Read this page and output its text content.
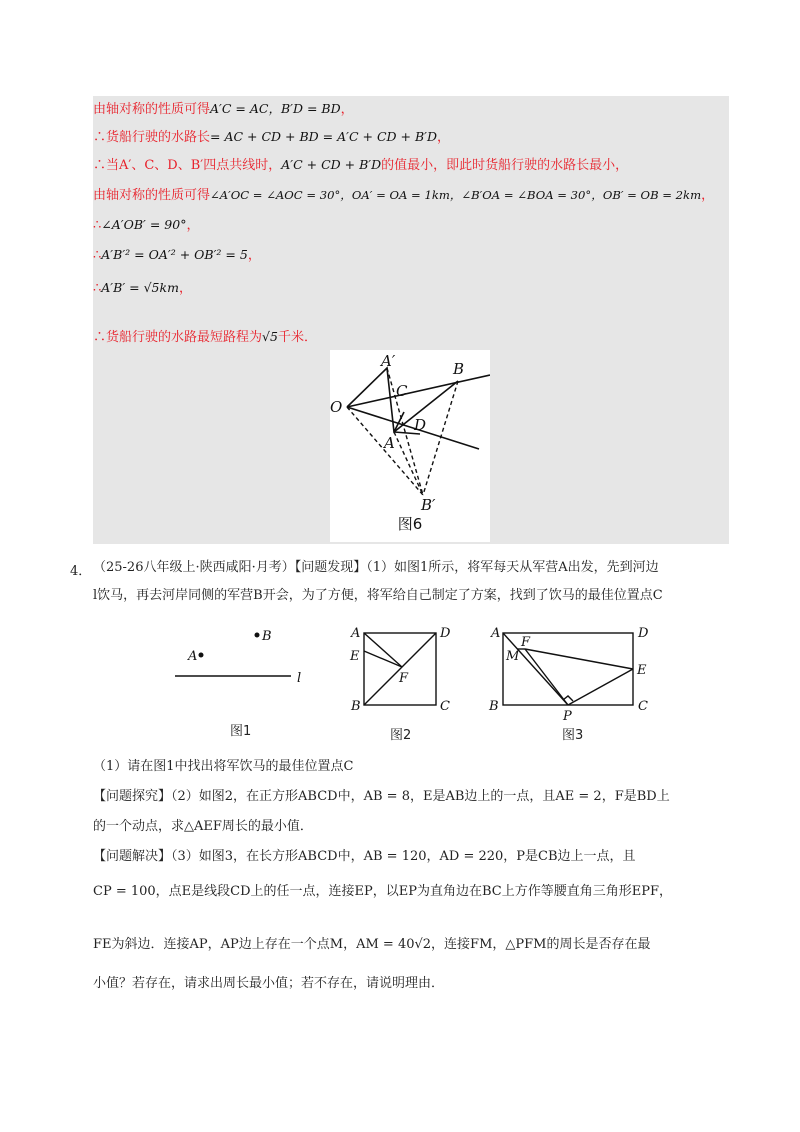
由轴对称的性质可得A′C = AC，B′D = BD，
∴货船行驶的水路长= AC + CD + BD = A′C + CD + B′D，
∴当A′、C、D、B′四点共线时，A′C + CD + B′D的值最小，即此时货船行驶的水路长最小，
由轴对称的性质可得∠A′OC = ∠AOC = 30°，OA′ = OA = 1km，∠B′OA = ∠BOA = 30°，OB′ = OB = 2km，
∴∠A′OB′ = 90°，
∴A′B′² = OA′² + OB′² = 5，
∴A′B′ = √5km，
∴货船行驶的水路最短路程为√5千米．
O
A′
C
B
A
D
B′
图6
4． （25-26八年级上·陕西咸阳·月考）【问题发现】（1）如图1所示，将军每天从军营A出发，先到河边
l饮马，再去河岸同侧的军营B开会，为了方便，将军给自己制定了方案，找到了饮马的最佳位置点C
A
B
l
A	D
B	C
E
F
A	D
B	C
E
F
M
P
图1	图2	图3
（1）请在图1中找出将军饮马的最佳位置点C
【问题探究】（2）如图2，在正方形ABCD中，AB = 8，E是AB边上的一点，且AE = 2，F是BD上
的一个动点，求△AEF周长的最小值．
【问题解决】（3）如图3，在长方形ABCD中，AB = 120，AD = 220，P是CB边上一点，且
CP = 100，点E是线段CD上的任一点，连接EP，以EP为直角边在BC上方作等腰直角三角形EPF，
FE为斜边．连接AP，AP边上存在一个点M，AM = 40√2，连接FM，△PFM的周长是否存在最
小值？若存在，请求出周长最小值；若不存在，请说明理由．
